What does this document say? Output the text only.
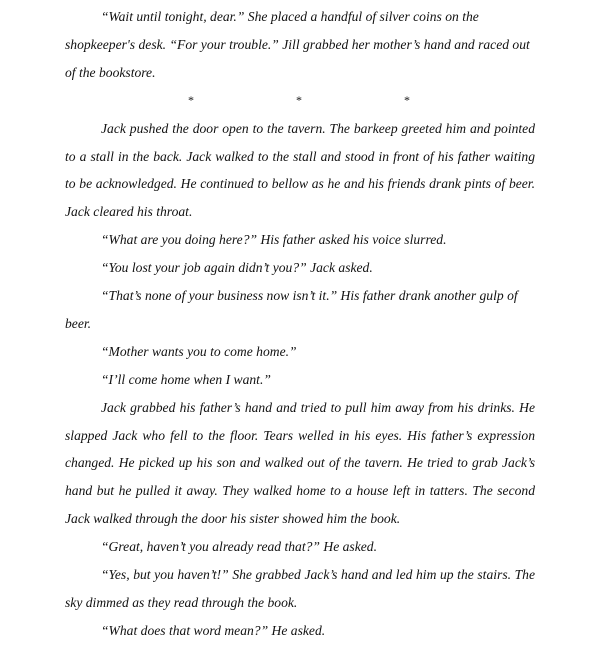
“Wait until tonight, dear.” She placed a handful of silver coins on the shopkeeper's desk. “For your trouble.” Jill grabbed her mother’s hand and raced out of the bookstore.

*	*	*

Jack pushed the door open to the tavern. The barkeep greeted him and pointed to a stall in the back. Jack walked to the stall and stood in front of his father waiting to be acknowledged. He continued to bellow as he and his friends drank pints of beer. Jack cleared his throat.

“What are you doing here?” His father asked his voice slurred.

“You lost your job again didn’t you?” Jack asked.

“That’s none of your business now isn’t it.” His father drank another gulp of beer.

“Mother wants you to come home.”

“I’ll come home when I want.”

Jack grabbed his father’s hand and tried to pull him away from his drinks. He slapped Jack who fell to the floor. Tears welled in his eyes. His father’s expression changed. He picked up his son and walked out of the tavern. He tried to grab Jack’s hand but he pulled it away. They walked home to a house left in tatters. The second Jack walked through the door his sister showed him the book.

“Great, haven’t you already read that?” He asked.

“Yes, but you haven’t!” She grabbed Jack’s hand and led him up the stairs. The sky dimmed as they read through the book.

“What does that word mean?” He asked.
